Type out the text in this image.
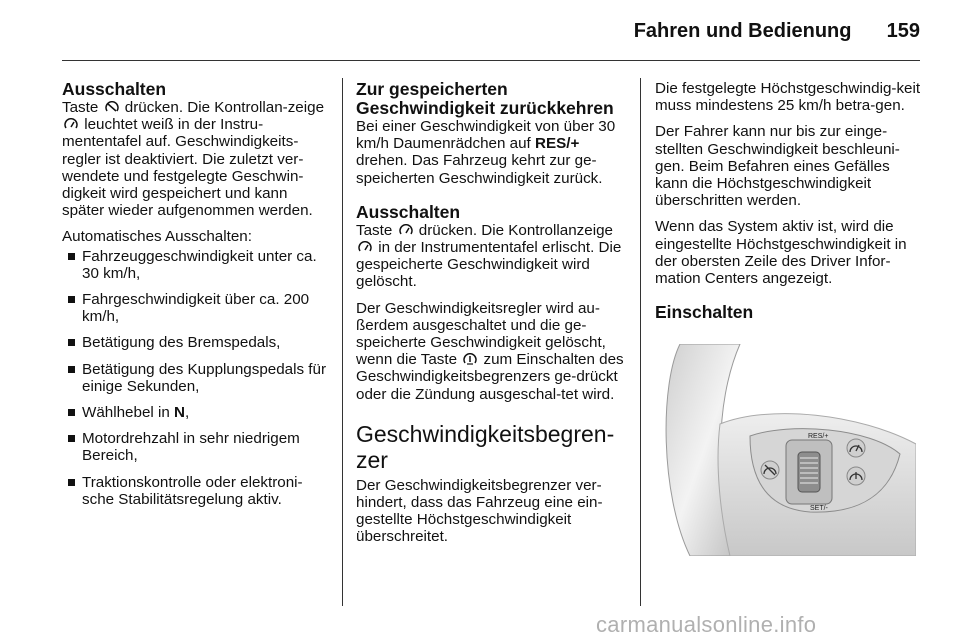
Fahren und Bedienung 159
Ausschalten

Taste drücken. Die Kontrollan-zeige  leuchtet weiß in der Instru-mententafel auf. Geschwindigkeits-regler ist deaktiviert. Die zuletzt ver-wendete und festgelegte Geschwin-digkeit wird gespeichert und kann später wieder aufgenommen werden.

Automatisches Ausschalten:

Fahrzeuggeschwindigkeit unter ca. 30 km/h,
Fahrgeschwindigkeit über ca. 200 km/h,
Betätigung des Bremspedals,
Betätigung des Kupplungspedals für einige Sekunden,
Wählhebel in N,
Motordrehzahl in sehr niedrigem Bereich,
Traktionskontrolle oder elektroni-sche Stabilitätsregelung aktiv.
Zur gespeicherten Geschwindigkeit zurückkehren

Bei einer Geschwindigkeit von über 30 km/h Daumenrädchen auf RES/+ drehen. Das Fahrzeug kehrt zur ge-speicherten Geschwindigkeit zurück.

Ausschalten

Taste drücken. Die Kontrollanzeige  in der Instrumententafel erlischt. Die gespeicherte Geschwindigkeit wird gelöscht.

Der Geschwindigkeitsregler wird au-ßerdem ausgeschaltet und die ge-speicherte Geschwindigkeit gelöscht, wenn die Taste zum Einschalten des Geschwindigkeitsbegrenzers ge-drückt oder die Zündung ausgeschal-tet wird.

Geschwindigkeitsbegren-zer

Der Geschwindigkeitsbegrenzer ver-hindert, dass das Fahrzeug eine ein-gestellte Höchstgeschwindigkeit überschreitet.

Die festgelegte Höchstgeschwindig-keit muss mindestens 25 km/h betra-gen.

Der Fahrer kann nur bis zur einge-stellten Geschwindigkeit beschleuni-gen. Beim Befahren eines Gefälles kann die Höchstgeschwindigkeit überschritten werden.

Wenn das System aktiv ist, wird die eingestellte Höchstgeschwindigkeit in der obersten Zeile des Driver Infor-mation Centers angezeigt.

Einschalten
RES/+
SET/-
carmanualsonline.info
